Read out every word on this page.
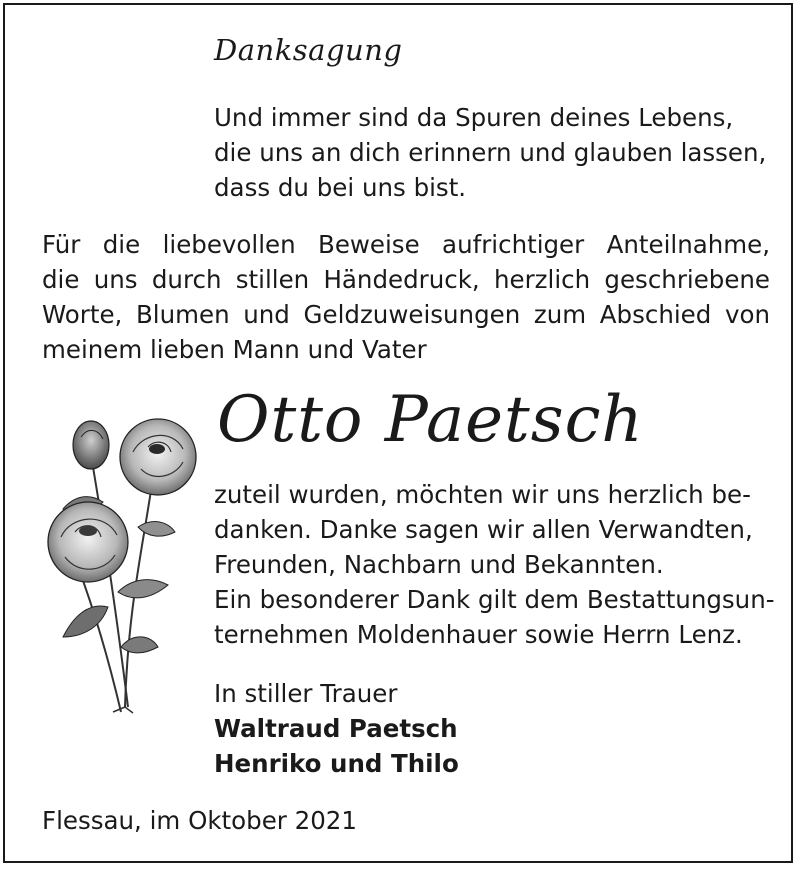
Danksagung
Und immer sind da Spuren deines Lebens,
die uns an dich erinnern und glauben lassen,
dass du bei uns bist.
Für die liebevollen Beweise aufrichtiger Anteilnahme,
die uns durch stillen Händedruck, herzlich geschriebene
Worte, Blumen und Geldzuweisungen zum Abschied von
meinem lieben Mann und Vater
Otto Paetsch
zuteil wurden, möchten wir uns herzlich be-
danken. Danke sagen wir allen Verwandten,
Freunden, Nachbarn und Bekannten.
Ein besonderer Dank gilt dem Bestattungsun-
ternehmen Moldenhauer sowie Herrn Lenz.
In stiller Trauer
Waltraud Paetsch
Henriko und Thilo
Flessau, im Oktober 2021
